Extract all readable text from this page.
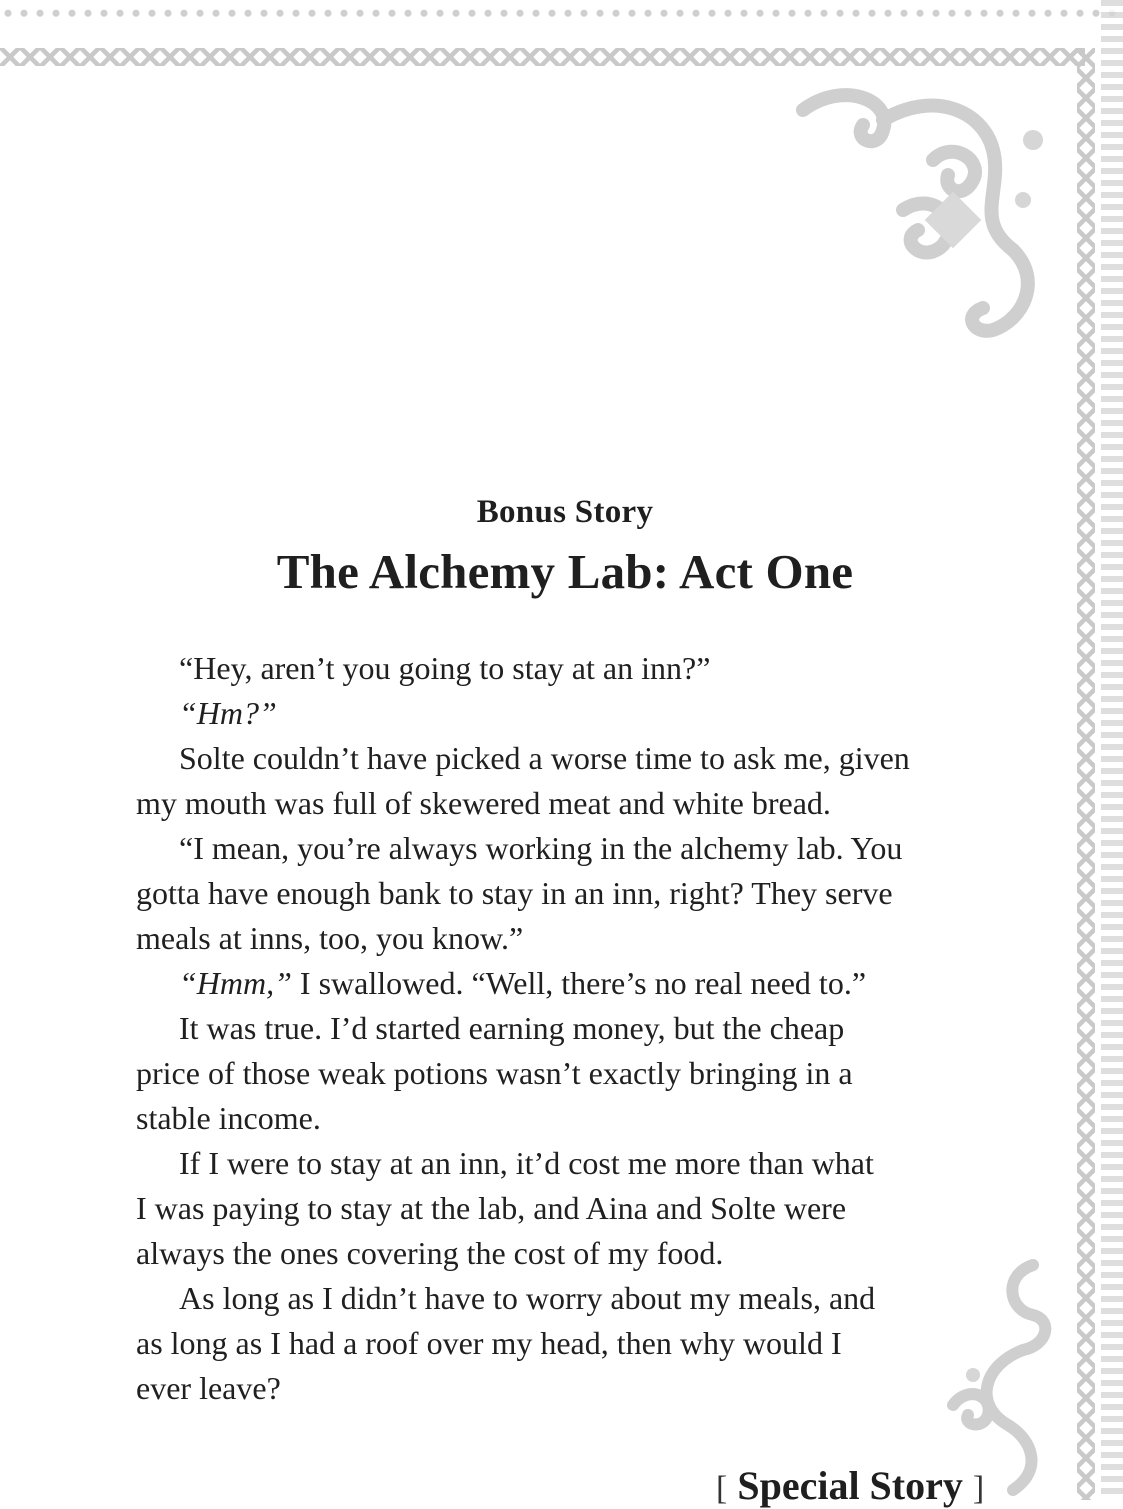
Bonus Story
The Alchemy Lab: Act One
“Hey, aren’t you going to stay at an inn?”
“Hm?”
Solte couldn’t have picked a worse time to ask me, given
my mouth was full of skewered meat and white bread.
“I mean, you’re always working in the alchemy lab. You
gotta have enough bank to stay in an inn, right? They serve
meals at inns, too, you know.”
“Hmm,” I swallowed. “Well, there’s no real need to.”
It was true. I’d started earning money, but the cheap
price of those weak potions wasn’t exactly bringing in a
stable income.
If I were to stay at an inn, it’d cost me more than what
I was paying to stay at the lab, and Aina and Solte were
always the ones covering the cost of my food.
As long as I didn’t have to worry about my meals, and
as long as I had a roof over my head, then why would I
ever leave?
[ Special Story ]
